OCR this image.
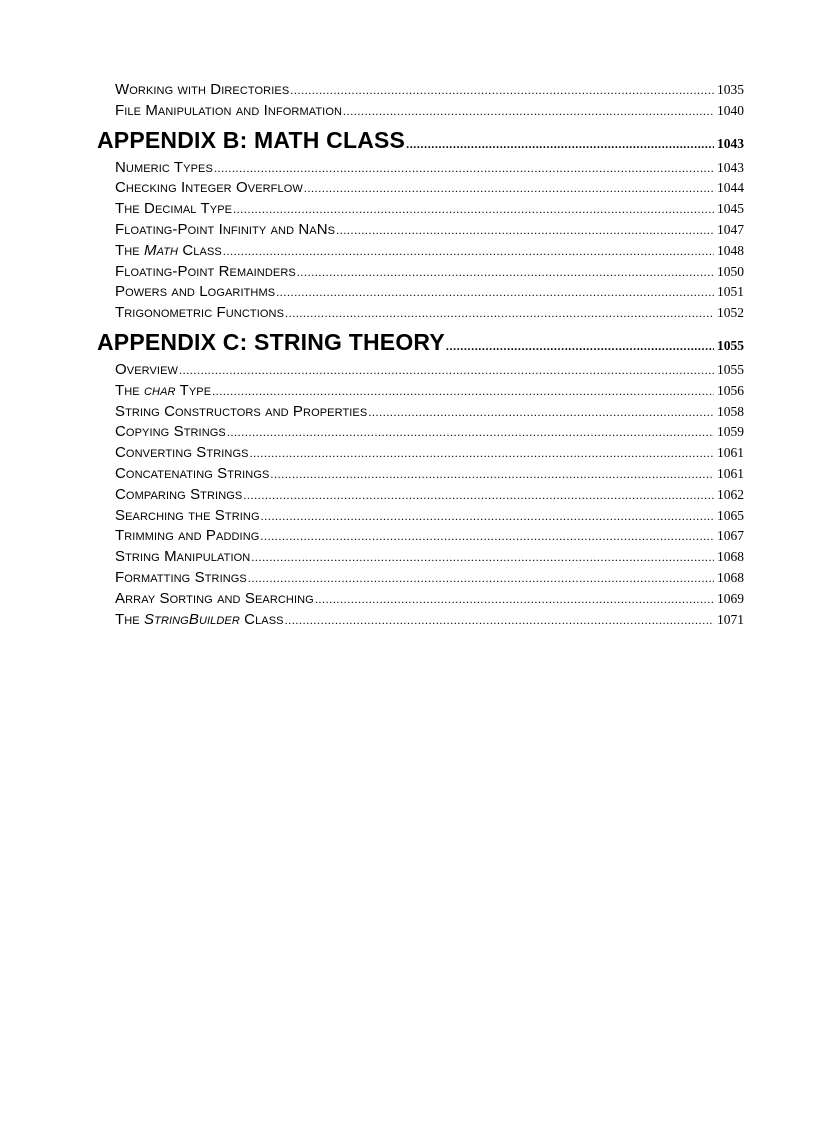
Working with Directories . . .	1035
File Manipulation and Information . . .	1040
APPENDIX B: MATH CLASS . . .	1043
Numeric Types . . .	1043
Checking Integer Overflow . . .	1044
The Decimal Type . . .	1045
Floating-Point Infinity and NaNs . . .	1047
The Math Class . . .	1048
Floating-Point Remainders . . .	1050
Powers and Logarithms . . .	1051
Trigonometric Functions . . .	1052
APPENDIX C: STRING THEORY . . .	1055
Overview . . .	1055
The char Type . . .	1056
String Constructors and Properties . . .	1058
Copying Strings . . .	1059
Converting Strings . . .	1061
Concatenating Strings . . .	1061
Comparing Strings . . .	1062
Searching the String . . .	1065
Trimming and Padding . . .	1067
String Manipulation . . .	1068
Formatting Strings . . .	1068
Array Sorting and Searching . . .	1069
The StringBuilder Class . . .	1071
